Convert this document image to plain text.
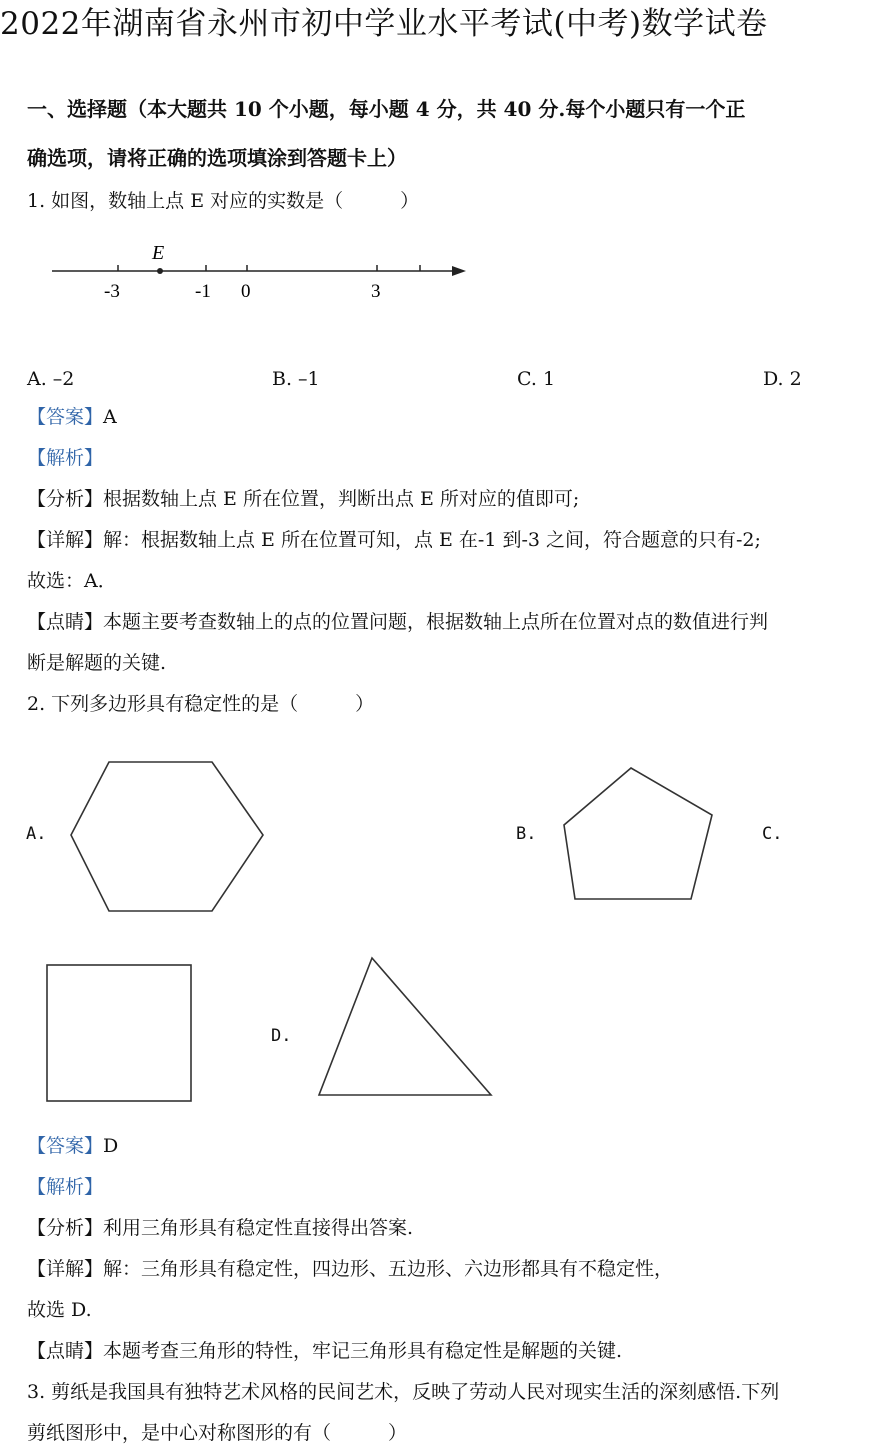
2022年湖南省永州市初中学业水平考试(中考)数学试卷
一、选择题（本大题共 10 个小题，每小题 4 分，共 40 分.每个小题只有一个正
确选项，请将正确的选项填涂到答题卡上）
1. 如图，数轴上点 E 对应的实数是（　　　）
E
-3	-1 0	3
A. –2	B. –1	C. 1	D. 2
【答案】A
【解析】
【分析】根据数轴上点 E 所在位置，判断出点 E 所对应的值即可;
【详解】解：根据数轴上点 E 所在位置可知，点 E 在-1 到-3 之间，符合题意的只有-2;
故选：A．
【点睛】本题主要考查数轴上的点的位置问题，根据数轴上点所在位置对点的数值进行判
断是解题的关键.
2. 下列多边形具有稳定性的是（　　　）
A.	B.	C.
D.
【答案】D
【解析】
【分析】利用三角形具有稳定性直接得出答案.
【详解】解：三角形具有稳定性，四边形、五边形、六边形都具有不稳定性，
故选 D.
【点睛】本题考查三角形的特性，牢记三角形具有稳定性是解题的关键.
3. 剪纸是我国具有独特艺术风格的民间艺术，反映了劳动人民对现实生活的深刻感悟.下列
剪纸图形中，是中心对称图形的有（　　　）
